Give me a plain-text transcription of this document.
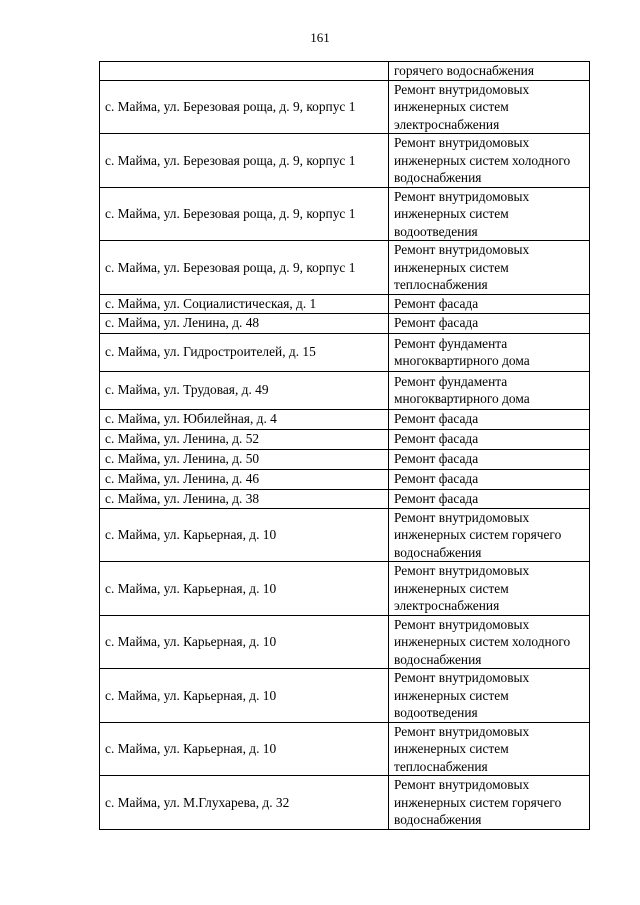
161
	горячего водоснабжения
с. Майма, ул. Березовая роща, д. 9, корпус 1	Ремонт внутридомовых инженерных систем электроснабжения
с. Майма, ул. Березовая роща, д. 9, корпус 1	Ремонт внутридомовых инженерных систем холодного водоснабжения
с. Майма, ул. Березовая роща, д. 9, корпус 1	Ремонт внутридомовых инженерных систем водоотведения
с. Майма, ул. Березовая роща, д. 9, корпус 1	Ремонт внутридомовых инженерных систем теплоснабжения
с. Майма, ул. Социалистическая, д. 1	Ремонт фасада
с. Майма, ул. Ленина, д. 48	Ремонт фасада
с. Майма, ул. Гидростроителей, д. 15	Ремонт фундамента многоквартирного дома
с. Майма, ул. Трудовая, д. 49	Ремонт фундамента многоквартирного дома
с. Майма, ул. Юбилейная, д. 4	Ремонт фасада
с. Майма, ул. Ленина, д. 52	Ремонт фасада
с. Майма, ул. Ленина, д. 50	Ремонт фасада
с. Майма, ул. Ленина, д. 46	Ремонт фасада
с. Майма, ул. Ленина, д. 38	Ремонт фасада
с. Майма, ул. Карьерная, д. 10	Ремонт внутридомовых инженерных систем горячего водоснабжения
с. Майма, ул. Карьерная, д. 10	Ремонт внутридомовых инженерных систем электроснабжения
с. Майма, ул. Карьерная, д. 10	Ремонт внутридомовых инженерных систем холодного водоснабжения
с. Майма, ул. Карьерная, д. 10	Ремонт внутридомовых инженерных систем водоотведения
с. Майма, ул. Карьерная, д. 10	Ремонт внутридомовых инженерных систем теплоснабжения
с. Майма, ул. М.Глухарева, д. 32	Ремонт внутридомовых инженерных систем горячего водоснабжения
